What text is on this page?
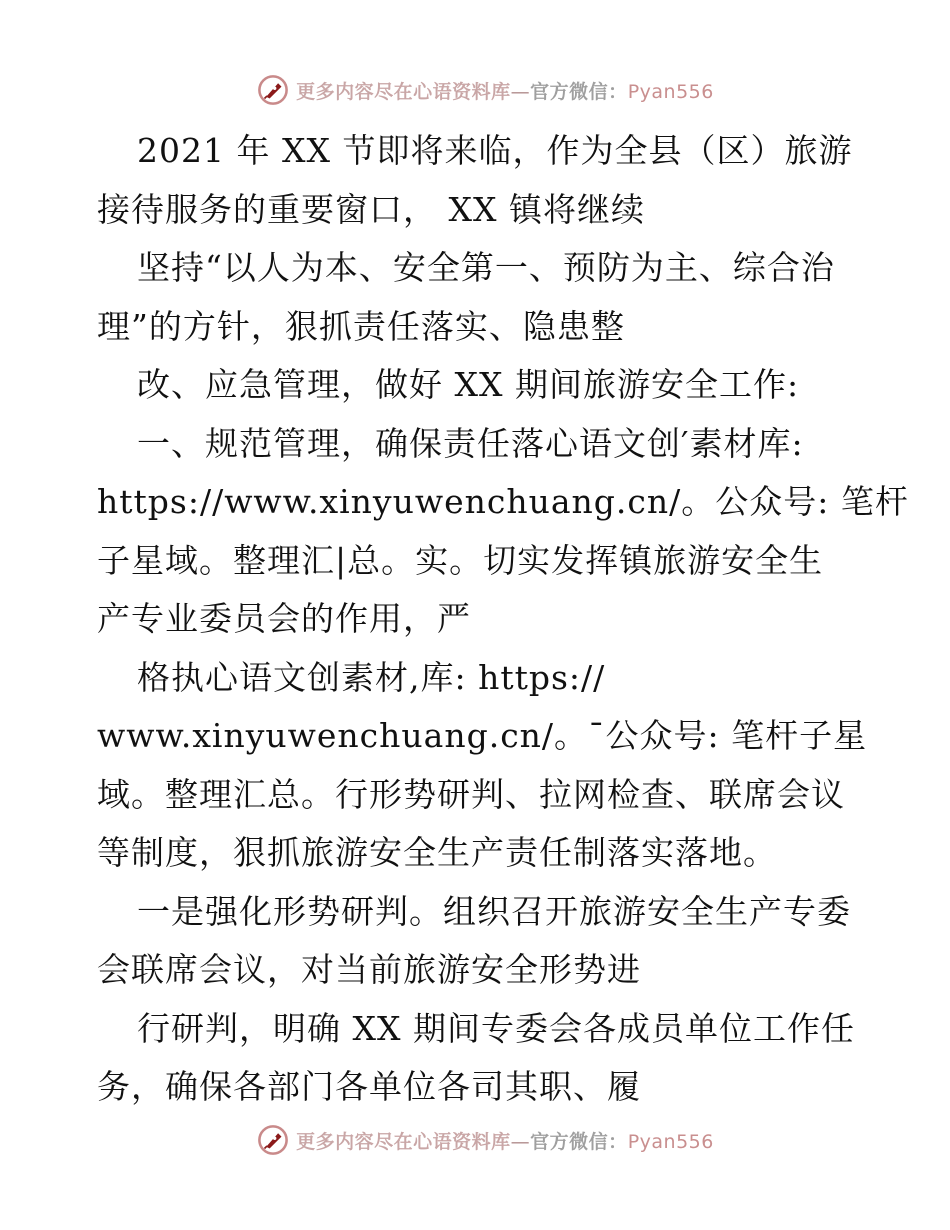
更多内容尽在心语资料库—官方微信：Pyan556
2021 年 XX 节即将来临，作为全县（区）旅游
接待服务的重要窗口， XX 镇将继续
坚持“以人为本、安全第一、预防为主、综合治
理”的方针，狠抓责任落实、隐患整
改、应急管理，做好 XX 期间旅游安全工作:
一、规范管理，确保责任落心语文创′素材库:
https://www.xinyuwenchuang.cn/。公众号: 笔杆
子星域。整理汇|总。实。切实发挥镇旅游安全生
产专业委员会的作用，严
格执心语文创素材,库: https://
www.xinyuwenchuang.cn/。¯公众号: 笔杆子星
域。整理汇总。行形势研判、拉网检查、联席会议
等制度，狠抓旅游安全生产责任制落实落地。
一是强化形势研判。组织召开旅游安全生产专委
会联席会议，对当前旅游安全形势进
行研判，明确 XX 期间专委会各成员单位工作任
务，确保各部门各单位各司其职、履
更多内容尽在心语资料库—官方微信：Pyan556
